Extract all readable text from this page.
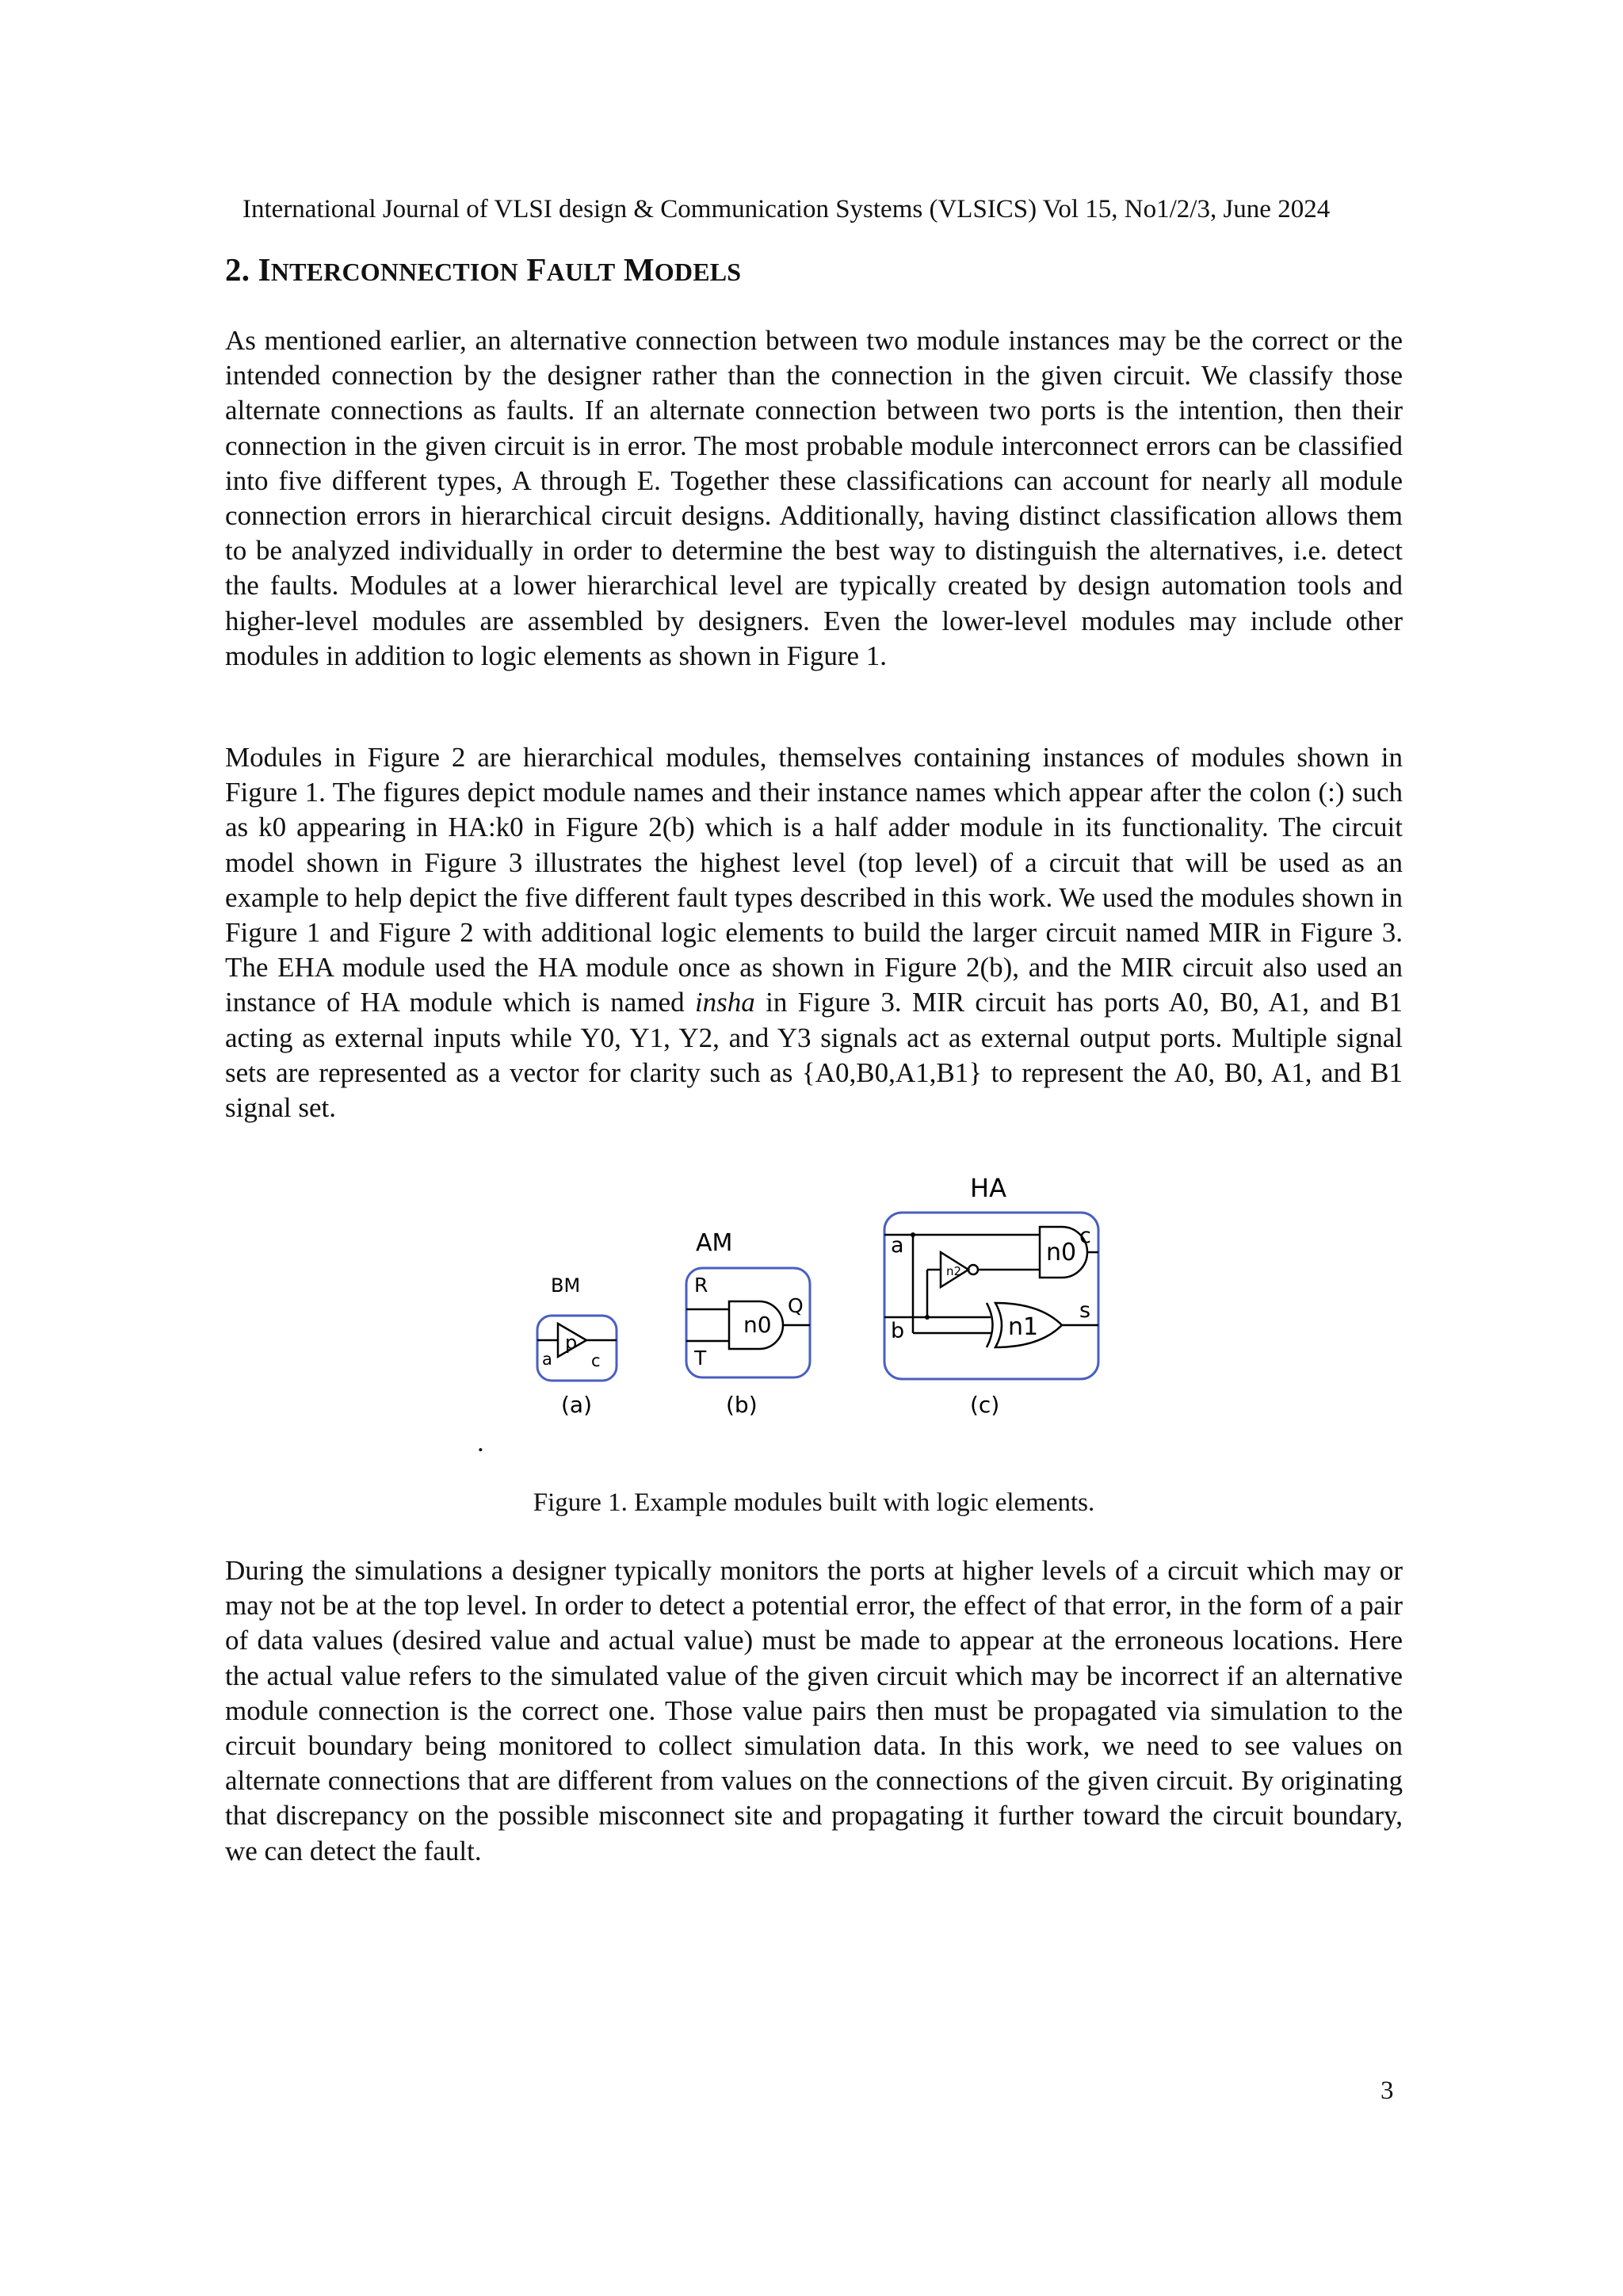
International Journal of VLSI design & Communication Systems (VLSICS) Vol 15, No1/2/3, June 2024
2. INTERCONNECTION FAULT MODELS

As mentioned earlier, an alternative connection between two module instances may be the correct or the intended connection by the designer rather than the connection in the given circuit. We classify those alternate connections as faults. If an alternate connection between two ports is the intention, then their connection in the given circuit is in error. The most probable module interconnect errors can be classified into five different types, A through E. Together these classifications can account for nearly all module connection errors in hierarchical circuit designs. Additionally, having distinct classification allows them to be analyzed individually in order to determine the best way to distinguish the alternatives, i.e. detect the faults. Modules at a lower hierarchical level are typically created by design automation tools and higher-level modules are assembled by designers. Even the lower-level modules may include other modules in addition to logic elements as shown in Figure 1.

Modules in Figure 2 are hierarchical modules, themselves containing instances of modules shown in Figure 1. The figures depict module names and their instance names which appear after the colon (:) such as k0 appearing in HA:k0 in Figure 2(b) which is a half adder module in its functionality. The circuit model shown in Figure 3 illustrates the highest level (top level) of a circuit that will be used as an example to help depict the five different fault types described in this work. We used the modules shown in Figure 1 and Figure 2 with additional logic elements to build the larger circuit named MIR in Figure 3. The EHA module used the HA module once as shown in Figure 2(b), and the MIR circuit also used an instance of HA module which is named insha in Figure 3. MIR circuit has ports A0, B0, A1, and B1 acting as external inputs while Y0, Y1, Y2, and Y3 signals act as external output ports. Multiple signal sets are represented as a vector for clarity such as {A0,B0,A1,B1} to represent the A0, B0, A1, and B1 signal set.

BM
p
a c
(a)
AM
n0
R
T
Q
(b)
HA
n2
n0
n1
a
b
c
s
(c)
.
Figure 1. Example modules built with logic elements.

During the simulations a designer typically monitors the ports at higher levels of a circuit which may or may not be at the top level. In order to detect a potential error, the effect of that error, in the form of a pair of data values (desired value and actual value) must be made to appear at the erroneous locations. Here the actual value refers to the simulated value of the given circuit which may be incorrect if an alternative module connection is the correct one. Those value pairs then must be propagated via simulation to the circuit boundary being monitored to collect simulation data. In this work, we need to see values on alternate connections that are different from values on the connections of the given circuit. By originating that discrepancy on the possible misconnect site and propagating it further toward the circuit boundary, we can detect the fault.

3
